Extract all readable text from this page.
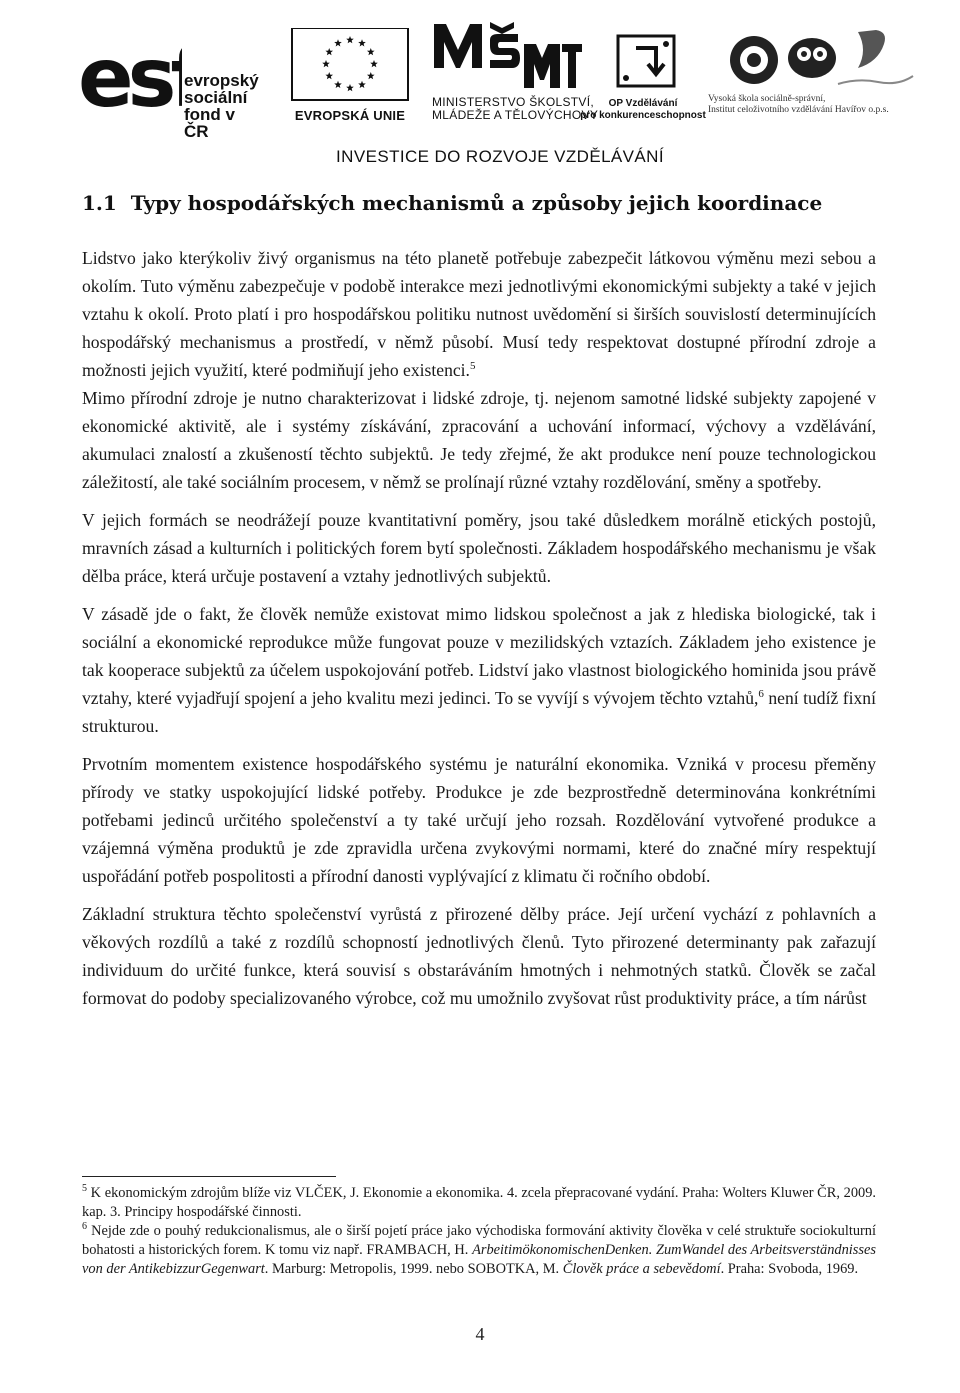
es evropský
sociální
fond v ČR
EVROPSKÁ UNIE
MINISTERSTVO ŠKOLSTVÍ,
MLÁDEŽE A TĚLOVÝCHOVY
OP Vzdělávání
pro konkurenceschopnost
Vysoká škola sociálně-správní,
Institut celoživotního vzdělávání Havířov o.p.s.
INVESTICE DO ROZVOJE VZDĚLÁVÁNÍ
1.1 Typy hospodářských mechanismů a způsoby jejich koordinace

Lidstvo jako kterýkoliv živý organismus na této planetě potřebuje zabezpečit látkovou výměnu mezi sebou a okolím. Tuto výměnu zabezpečuje v podobě interakce mezi jednotlivými ekonomickými subjekty a také v jejich vztahu k okolí. Proto platí i pro hospodářskou politiku nutnost uvědomění si širších souvislostí determinujících hospodářský mechanismus a prostředí, v němž působí. Musí tedy respektovat dostupné přírodní zdroje a možnosti jejich využití, které podmiňují jeho existenci.$^5$

Mimo přírodní zdroje je nutno charakterizovat i lidské zdroje, tj. nejenom samotné lidské subjekty zapojené v ekonomické aktivitě, ale i systémy získávání, zpracování a uchování informací, výchovy a vzdělávání, akumulaci znalostí a zkušeností těchto subjektů. Je tedy zřejmé, že akt produkce není pouze technologickou záležitostí, ale také sociálním procesem, v němž se prolínají různé vztahy rozdělování, směny a spotřeby.

V jejich formách se neodrážejí pouze kvantitativní poměry, jsou také důsledkem morálně etických postojů, mravních zásad a kulturních i politických forem bytí společnosti. Základem hospodářského mechanismu je však dělba práce, která určuje postavení a vztahy jednotlivých subjektů.

V zásadě jde o fakt, že člověk nemůže existovat mimo lidskou společnost a jak z hlediska biologické, tak i sociální a ekonomické reprodukce může fungovat pouze v mezilidských vztazích. Základem jeho existence je tak kooperace subjektů za účelem uspokojování potřeb. Lidství jako vlastnost biologického hominida jsou právě vztahy, které vyjadřují spojení a jeho kvalitu mezi jedinci. To se vyvíjí s vývojem těchto vztahů,$^6$ není tudíž fixní strukturou.

Prvotním momentem existence hospodářského systému je naturální ekonomika. Vzniká v procesu přeměny přírody ve statky uspokojující lidské potřeby. Produkce je zde bezprostředně determinována konkrétními potřebami jedinců určitého společenství a ty také určují jeho rozsah. Rozdělování vytvořené produkce a vzájemná výměna produktů je zde zpravidla určena zvykovými normami, které do značné míry respektují uspořádání potřeb pospolitosti a přírodní danosti vyplývající z klimatu či ročního období.

Základní struktura těchto společenství vyrůstá z přirozené dělby práce. Její určení vychází z pohlavních a věkových rozdílů a také z rozdílů schopností jednotlivých členů. Tyto přirozené determinanty pak zařazují individuum do určité funkce, která souvisí s obstaráváním hmotných i nehmotných statků. Člověk se začal formovat do podoby specializovaného výrobce, což mu umožnilo zvyšovat růst produktivity práce, a tím nárůst

$^5$ K ekonomickým zdrojům blíže viz VLČEK, J. Ekonomie a ekonomika. 4. zcela přepracované vydání. Praha: Wolters Kluwer ČR, 2009. kap. 3. Principy hospodářské činnosti.

$^6$ Nejde zde o pouhý redukcionalismus, ale o širší pojetí práce jako východiska formování aktivity člověka v celé struktuře sociokulturní bohatosti a historických forem. K tomu viz např. FRAMBACH, H. ArbeitimökonomischenDenken. ZumWandel des Arbeitsverständnisses von der AntikebizzurGegenwart. Marburg: Metropolis, 1999. nebo SOBOTKA, M. Člověk práce a sebevědomí. Praha: Svoboda, 1969.

4
